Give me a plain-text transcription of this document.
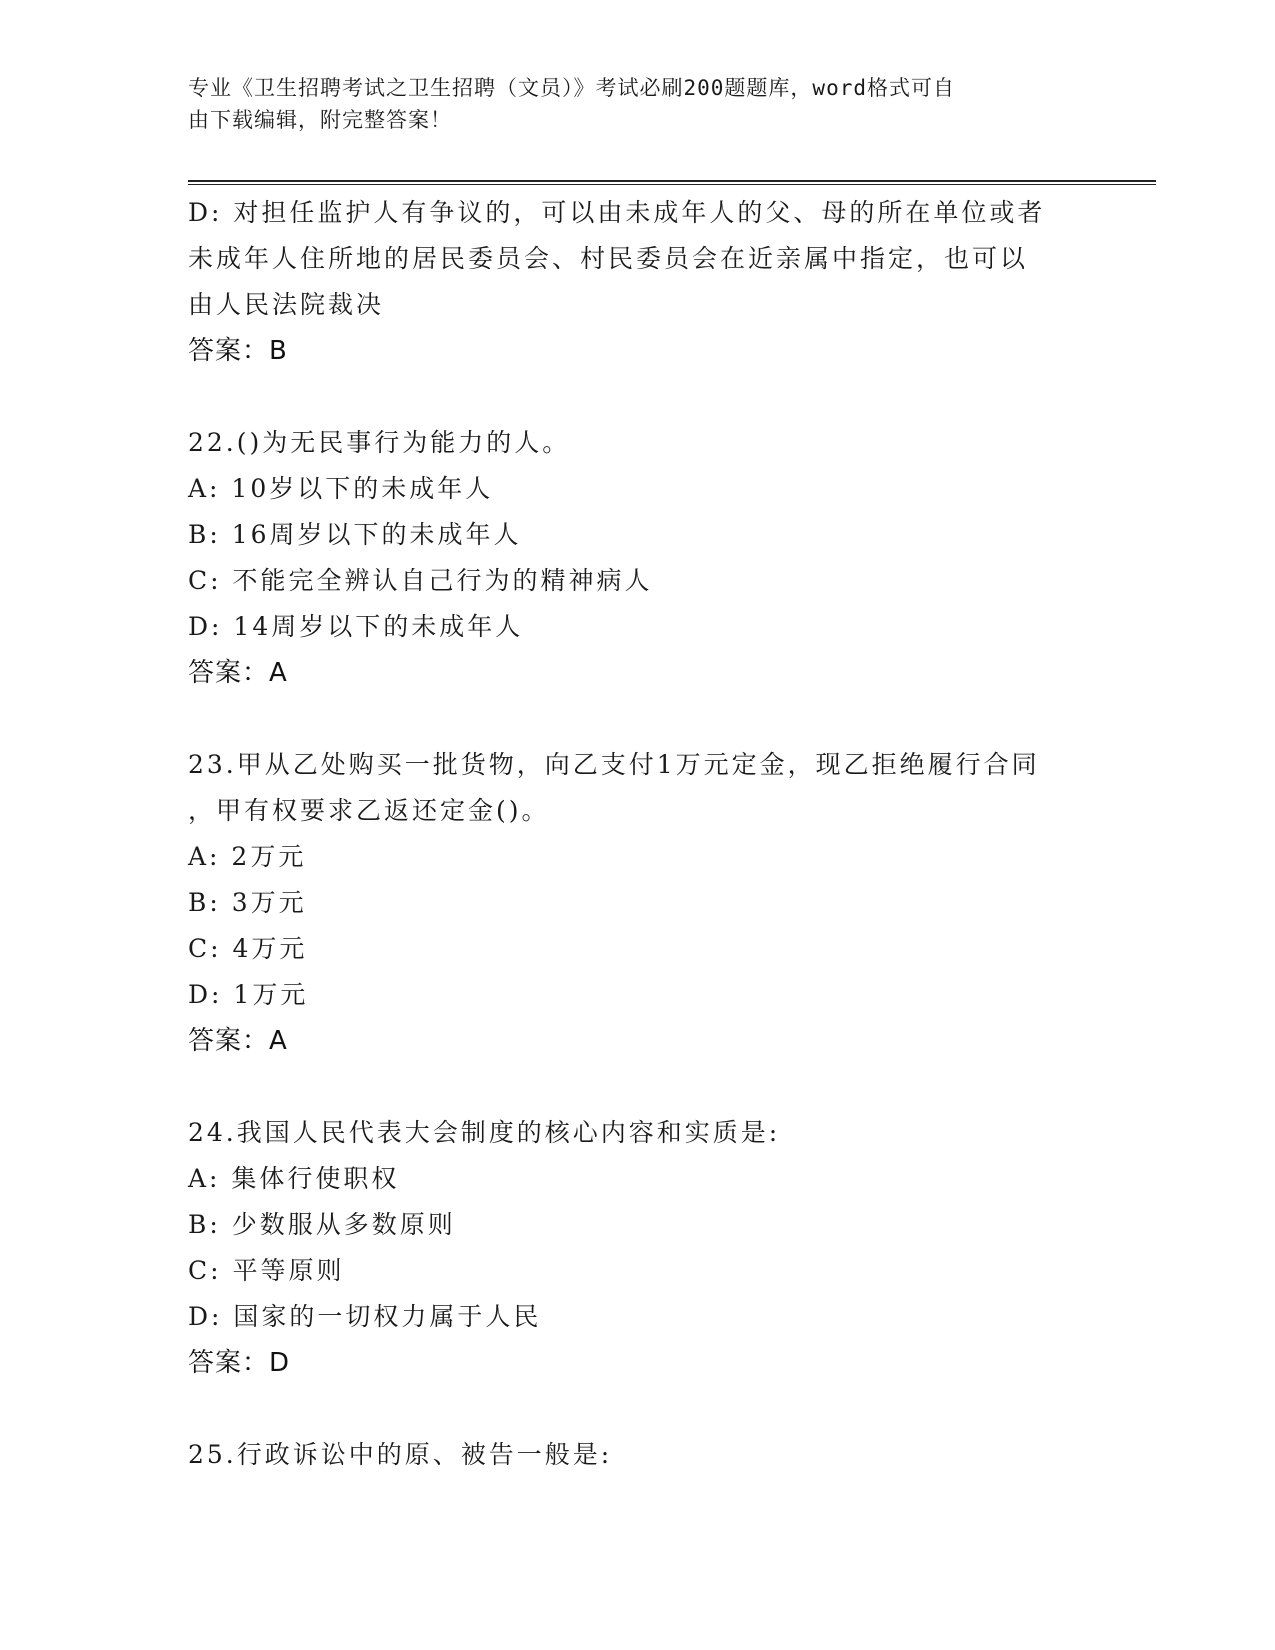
专业《卫生招聘考试之卫生招聘（文员）》考试必刷200题题库，word格式可自
由下载编辑，附完整答案！
D: 对担任监护人有争议的，可以由未成年人的父、母的所在单位或者
未成年人住所地的居民委员会、村民委员会在近亲属中指定，也可以
由人民法院裁决
答案：B
22.()为无民事行为能力的人。
A: 10岁以下的未成年人
B: 16周岁以下的未成年人
C: 不能完全辨认自己行为的精神病人
D: 14周岁以下的未成年人
答案：A
23.甲从乙处购买一批货物，向乙支付1万元定金，现乙拒绝履行合同
，甲有权要求乙返还定金()。
A: 2万元
B: 3万元
C: 4万元
D: 1万元
答案：A
24.我国人民代表大会制度的核心内容和实质是:
A: 集体行使职权
B: 少数服从多数原则
C: 平等原则
D: 国家的一切权力属于人民
答案：D
25.行政诉讼中的原、被告一般是:
